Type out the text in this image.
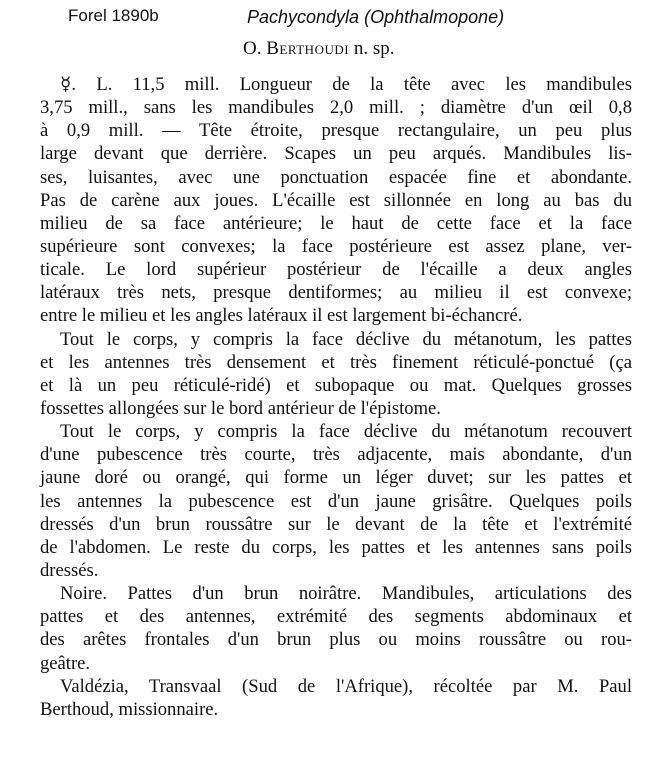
Forel 1890b	Pachycondyla (Ophthalmopone)
O. Berthoudi n. sp.
☿. L. 11,5 mill. Longueur de la tête avec les mandibules
3,75 mill., sans les mandibules 2,0 mill. ; diamètre d'un œil 0,8
à 0,9 mill. — Tête étroite, presque rectangulaire, un peu plus
large devant que derrière. Scapes un peu arqués. Mandibules lis-
ses, luisantes, avec une ponctuation espacée fine et abondante.
Pas de carène aux joues. L'écaille est sillonnée en long au bas du
milieu de sa face antérieure; le haut de cette face et la face
supérieure sont convexes; la face postérieure est assez plane, ver-
ticale. Le lord supérieur postérieur de l'écaille a deux angles
latéraux très nets, presque dentiformes; au milieu il est convexe;
entre le milieu et les angles latéraux il est largement bi-échancré.
Tout le corps, y compris la face déclive du métanotum, les pattes
et les antennes très densement et très finement réticulé-ponctué (ça
et là un peu réticulé-ridé) et subopaque ou mat. Quelques grosses
fossettes allongées sur le bord antérieur de l'épistome.
Tout le corps, y compris la face déclive du métanotum recouvert
d'une pubescence très courte, très adjacente, mais abondante, d'un
jaune doré ou orangé, qui forme un léger duvet; sur les pattes et
les antennes la pubescence est d'un jaune grisâtre. Quelques poils
dressés d'un brun roussâtre sur le devant de la tête et l'extrémité
de l'abdomen. Le reste du corps, les pattes et les antennes sans poils
dressés.
Noire. Pattes d'un brun noirâtre. Mandibules, articulations des
pattes et des antennes, extrémité des segments abdominaux et
des arêtes frontales d'un brun plus ou moins roussâtre ou rou-
geâtre.
Valdézia, Transvaal (Sud de l'Afrique), récoltée par M. Paul
Berthoud, missionnaire.
